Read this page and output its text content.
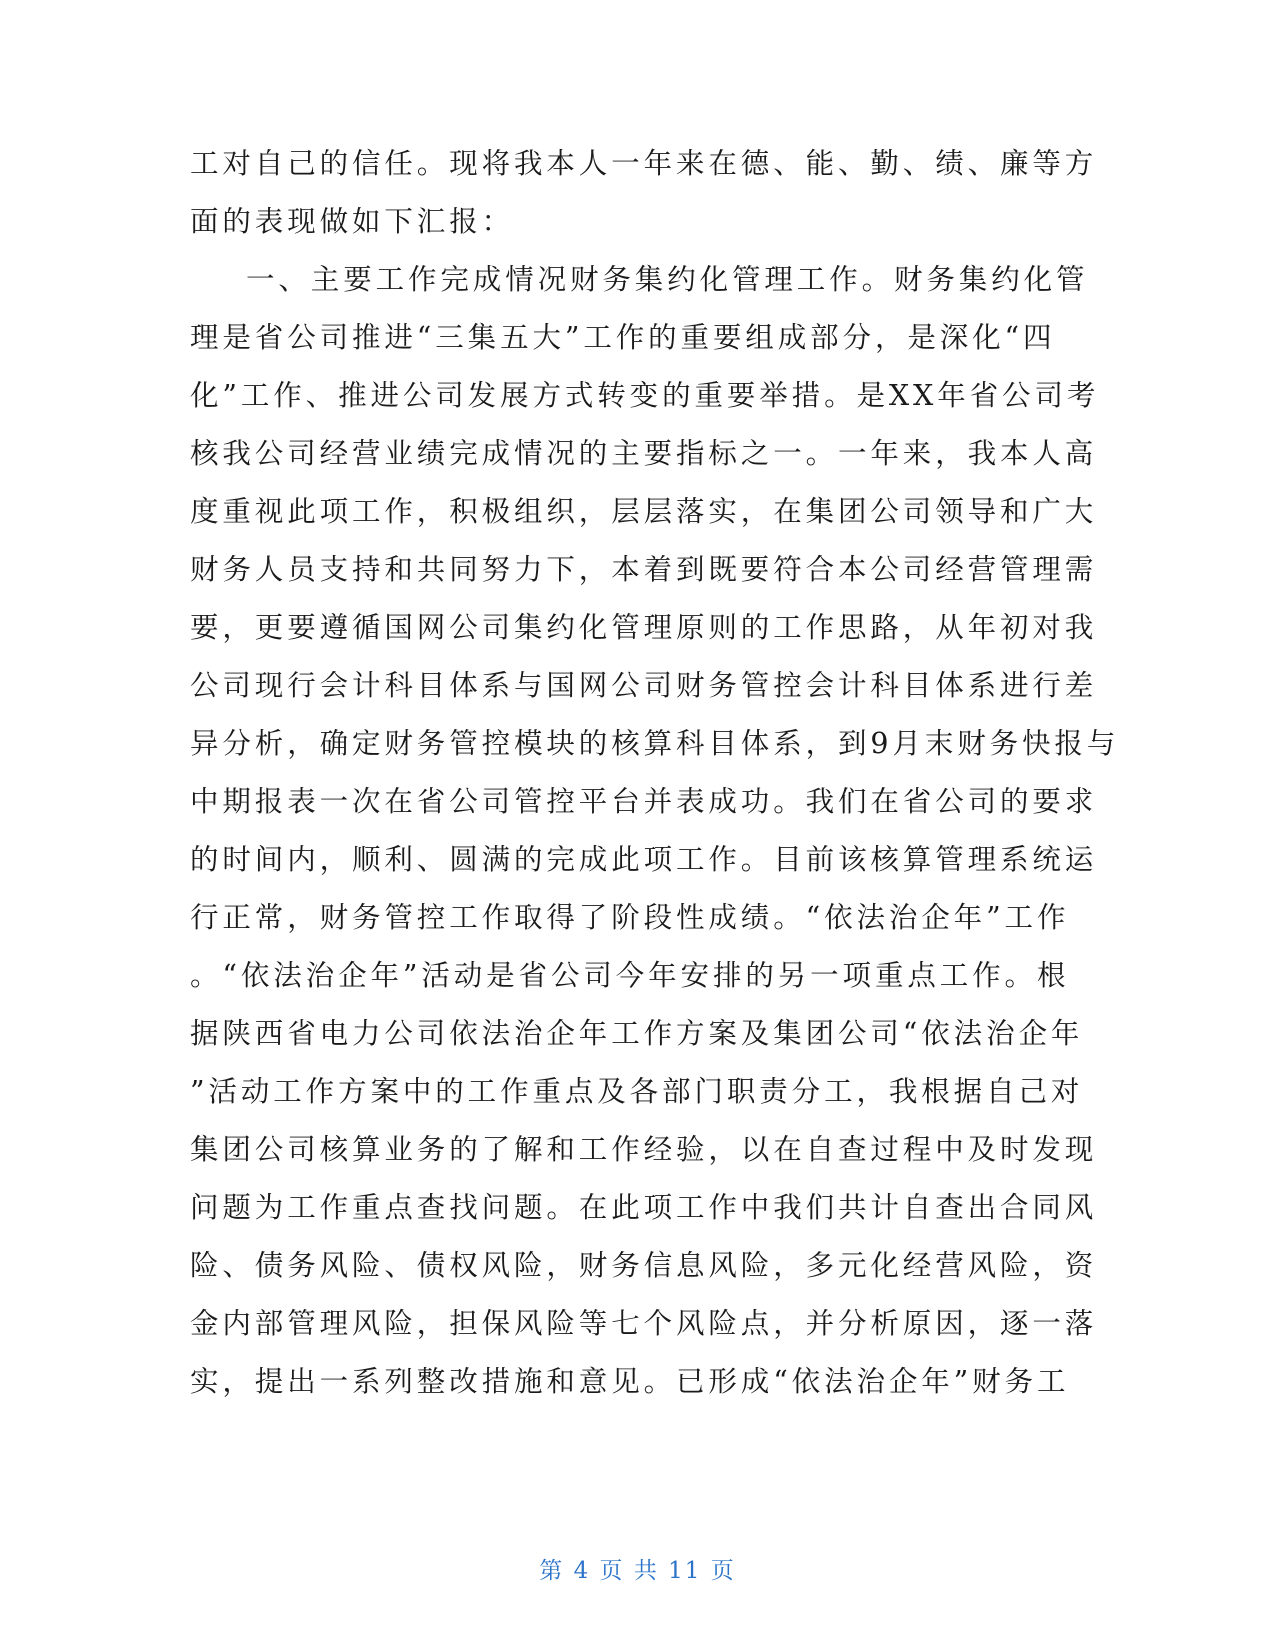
工对自己的信任。现将我本人一年来在德、能、勤、绩、廉等方
面的表现做如下汇报：
一、主要工作完成情况财务集约化管理工作。财务集约化管
理是省公司推进“三集五大”工作的重要组成部分，是深化“四
化”工作、推进公司发展方式转变的重要举措。是XX年省公司考
核我公司经营业绩完成情况的主要指标之一。一年来，我本人高
度重视此项工作，积极组织，层层落实，在集团公司领导和广大
财务人员支持和共同努力下，本着到既要符合本公司经营管理需
要，更要遵循国网公司集约化管理原则的工作思路，从年初对我
公司现行会计科目体系与国网公司财务管控会计科目体系进行差
异分析，确定财务管控模块的核算科目体系，到9月末财务快报与
中期报表一次在省公司管控平台并表成功。我们在省公司的要求
的时间内，顺利、圆满的完成此项工作。目前该核算管理系统运
行正常，财务管控工作取得了阶段性成绩。“依法治企年”工作
。“依法治企年”活动是省公司今年安排的另一项重点工作。根
据陕西省电力公司依法治企年工作方案及集团公司“依法治企年
”活动工作方案中的工作重点及各部门职责分工，我根据自己对
集团公司核算业务的了解和工作经验，以在自查过程中及时发现
问题为工作重点查找问题。在此项工作中我们共计自查出合同风
险、债务风险、债权风险，财务信息风险，多元化经营风险，资
金内部管理风险，担保风险等七个风险点，并分析原因，逐一落
实，提出一系列整改措施和意见。已形成“依法治企年”财务工
第 4 页 共 11 页
